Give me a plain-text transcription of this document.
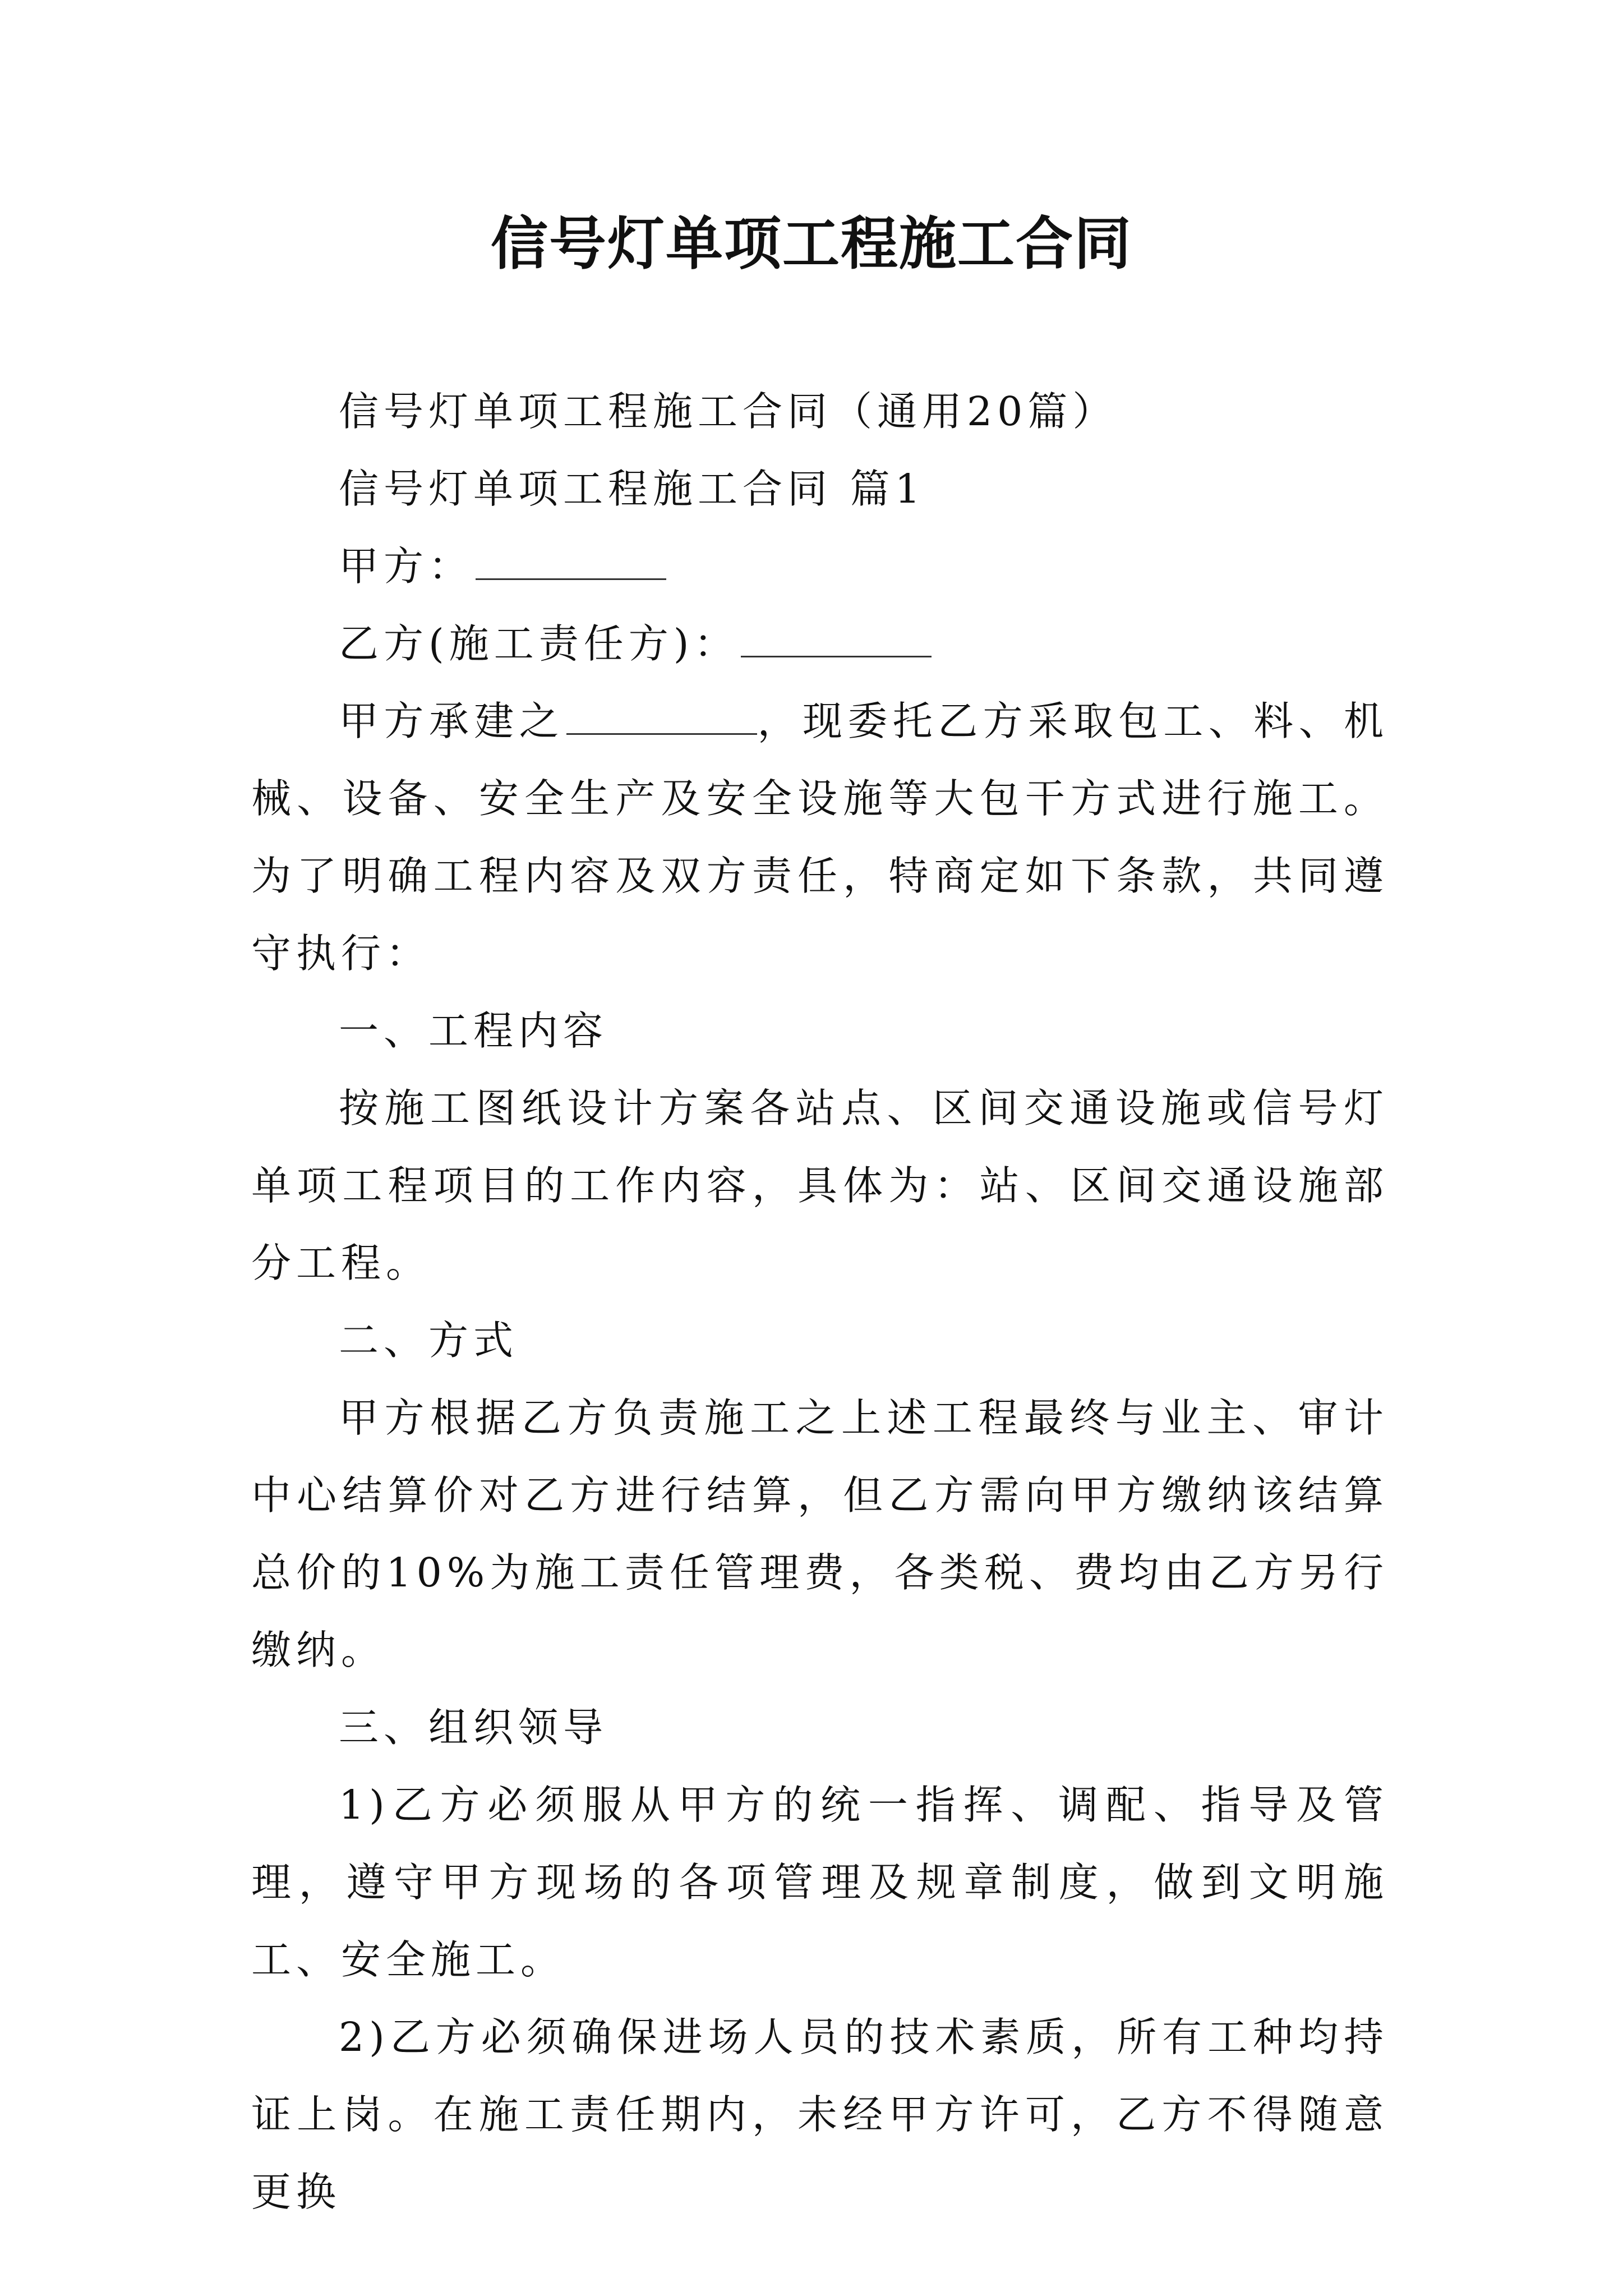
信号灯单项工程施工合同

信号灯单项工程施工合同（通用20篇）

信号灯单项工程施工合同 篇1

甲方：

乙方(施工责任方)：

甲方承建之	，现委托乙方采取包工、料、机械、设备、安全生产及安全设施等大包干方式进行施工。为了明确工程内容及双方责任，特商定如下条款，共同遵守执行：

一、工程内容

按施工图纸设计方案各站点、区间交通设施或信号灯单项工程项目的工作内容，具体为：站、区间交通设施部分工程。

二、方式

甲方根据乙方负责施工之上述工程最终与业主、审计中心结算价对乙方进行结算，但乙方需向甲方缴纳该结算总价的10%为施工责任管理费，各类税、费均由乙方另行缴纳。

三、组织领导

1)乙方必须服从甲方的统一指挥、调配、指导及管理，遵守甲方现场的各项管理及规章制度，做到文明施工、安全施工。

2)乙方必须确保进场人员的技术素质，所有工种均持证上岗。在施工责任期内，未经甲方许可，乙方不得随意更换
